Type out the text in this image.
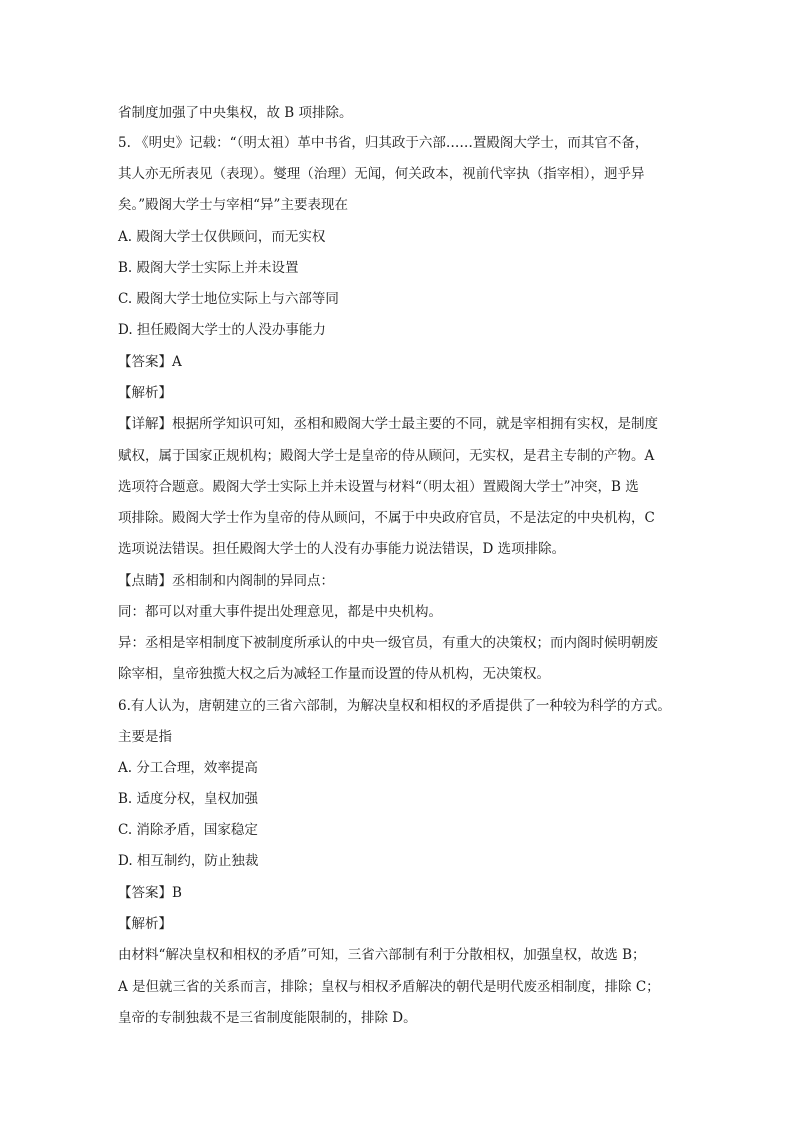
省制度加强了中央集权，故 B 项排除。
5. 《明史》记载：“（明太祖）革中书省，归其政于六部……置殿阁大学士，而其官不备，
其人亦无所表见（表现）。燮理（治理）无闻，何关政本，视前代宰执（指宰相），迥乎异
矣。”殿阁大学士与宰相“异”主要表现在
A. 殿阁大学士仅供顾问，而无实权
B. 殿阁大学士实际上并未设置
C. 殿阁大学士地位实际上与六部等同
D. 担任殿阁大学士的人没办事能力
【答案】A
【解析】
【详解】根据所学知识可知，丞相和殿阁大学士最主要的不同，就是宰相拥有实权，是制度
赋权，属于国家正规机构；殿阁大学士是皇帝的侍从顾问，无实权，是君主专制的产物。A
选项符合题意。殿阁大学士实际上并未设置与材料“（明太祖）置殿阁大学士”冲突，B 选
项排除。殿阁大学士作为皇帝的侍从顾问，不属于中央政府官员，不是法定的中央机构，C
选项说法错误。担任殿阁大学士的人没有办事能力说法错误，D 选项排除。
【点睛】丞相制和内阁制的异同点：
同：都可以对重大事件提出处理意见，都是中央机构。
异：丞相是宰相制度下被制度所承认的中央一级官员，有重大的决策权；而内阁时候明朝废
除宰相，皇帝独揽大权之后为减轻工作量而设置的侍从机构，无决策权。
6.有人认为，唐朝建立的三省六部制，为解决皇权和相权的矛盾提供了一种较为科学的方式。
主要是指
A. 分工合理，效率提高
B. 适度分权，皇权加强
C. 消除矛盾，国家稳定
D. 相互制约，防止独裁
【答案】B
【解析】
由材料“解决皇权和相权的矛盾”可知，三省六部制有利于分散相权，加强皇权，故选 B；
A 是但就三省的关系而言，排除；皇权与相权矛盾解决的朝代是明代废丞相制度，排除 C；
皇帝的专制独裁不是三省制度能限制的，排除 D。
